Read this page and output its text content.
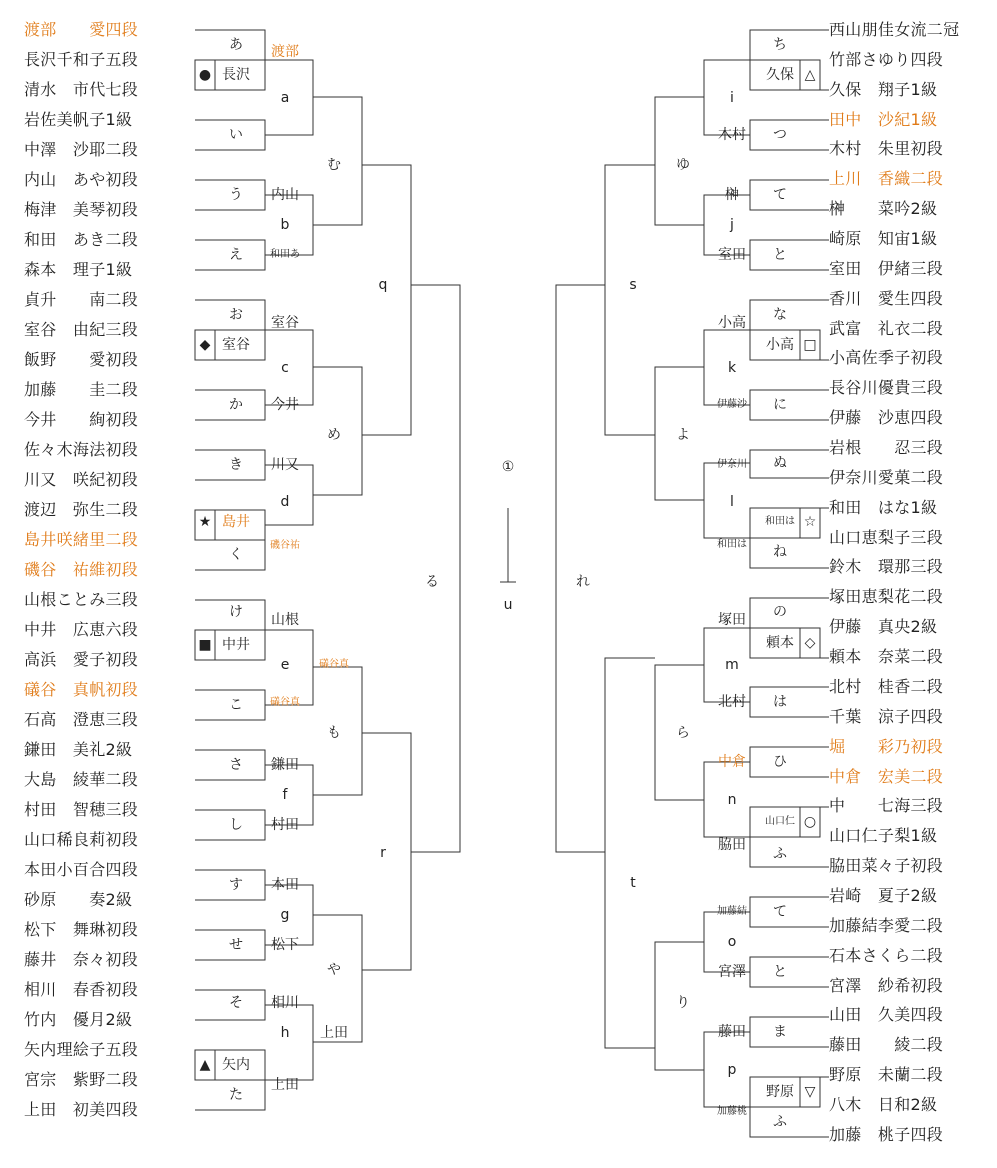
渡部　　愛四段
長沢千和子五段
清水　市代七段
岩佐美帆子1級
中澤　沙耶二段
内山　あや初段
梅津　美琴初段
和田　あき二段
森本　理子1級
貞升　　南二段
室谷　由紀三段
飯野　　愛初段
加藤　　圭二段
今井　　絢初段
佐々木海法初段
川又　咲紀初段
渡辺　弥生二段
島井咲緒里二段
磯谷　祐維初段
山根ことみ三段
中井　広恵六段
高浜　愛子初段
礒谷　真帆初段
石高　澄恵三段
鎌田　美礼2級
大島　綾華二段
村田　智穂三段
山口稀良莉初段
本田小百合四段
砂原　　奏2級
松下　舞琳初段
藤井　奈々初段
相川　春香初段
竹内　優月2級
矢内理絵子五段
宮宗　紫野二段
上田　初美四段
西山朋佳女流二冠
竹部さゆり四段
久保　翔子1級
田中　沙紀1級
木村　朱里初段
上川　香織二段
榊　　菜吟2級
崎原　知宙1級
室田　伊緒三段
香川　愛生四段
武富　礼衣二段
小高佐季子初段
長谷川優貴三段
伊藤　沙恵四段
岩根　　忍三段
伊奈川愛菓二段
和田　はな1級
山口恵梨子三段
鈴木　環那三段
塚田恵梨花二段
伊藤　真央2級
頼本　奈菜二段
北村　桂香二段
千葉　涼子四段
堀　　彩乃初段
中倉　宏美二段
中　　七海三段
山口仁子梨1級
脇田菜々子初段
岩崎　夏子2級
加藤結李愛二段
石本さくら二段
宮澤　紗希初段
山田　久美四段
藤田　　綾二段
野原　未蘭二段
八木　日和2級
加藤　桃子四段
あ
長沢
渡部
a
い
う 内山
b
え	和田あ
お 室谷
室谷
c
か 今井
き 川又
d
島井
く
磯谷祐
け 山根
中井
e
こ
礒谷真
礒谷真
さ 鎌田
f
し 村田
す 本田
g
せ 松下
そ 相川
h
矢内
た
上田
上田
む
め
も
や
q
r
る
①
u
ち
久保
i
つ
木村
て
榊
j
と
室田
な
小高
小高
k
に
伊藤沙
ぬ
伊奈川
l
和田は
ね
和田は
の
塚田
頼本
m
は
北村
ひ
中倉
n
山口仁
ふ
脇田
て
加藤結
o
と
宮澤
ま
藤田
p
野原
ふ
加藤桃
ゆ
よ
ら
り
s
t
れ
●
◆
★
■
▲
△
□
☆
◇
○
▽
